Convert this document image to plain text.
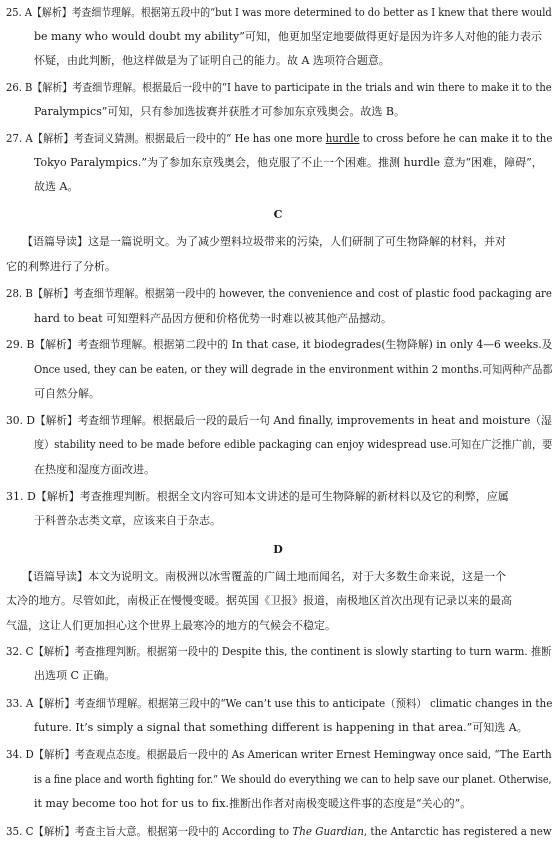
25. A【解析】考查细节理解。根据第五段中的“but I was more determined to do better as I knew that there would
be many who would doubt my ability”可知，他更加坚定地要做得更好是因为许多人对他的能力表示
怀疑，由此判断，他这样做是为了证明自己的能力。故 A 选项符合题意。
26. B【解析】考查细节理解。根据最后一段中的“I have to participate in the trials and win there to make it to the
Paralympics”可知，只有参加选拔赛并获胜才可参加东京残奥会。故选 B。
27. A【解析】考查词义猜测。根据最后一段中的“ He has one more hurdle to cross before he can make it to the
Tokyo Paralympics.”为了参加东京残奥会，他克服了不止一个困难。推测 hurdle 意为“困难，障碍”，
故选 A。
C
【语篇导读】这是一篇说明文。为了减少塑料垃圾带来的污染，人们研制了可生物降解的材料，并对
它的利弊进行了分析。
28. B【解析】考查细节理解。根据第一段中的 however, the convenience and cost of plastic food packaging are
hard to beat 可知塑料产品因方便和价格优势一时难以被其他产品撼动。
29. B【解析】考查细节理解。根据第二段中的 In that case, it biodegrades(生物降解) in only 4—6 weeks.及
Once used, they can be eaten, or they will degrade in the environment within 2 months.可知两种产品都
可自然分解。
30. D【解析】考查细节理解。根据最后一段的最后一句 And finally, improvements in heat and moisture（湿
度）stability need to be made before edible packaging can enjoy widespread use.可知在广泛推广前，要
在热度和湿度方面改进。
31. D【解析】考查推理判断。根据全文内容可知本文讲述的是可生物降解的新材料以及它的利弊，应属
于科普杂志类文章，应该来自于杂志。
D
【语篇导读】本文为说明文。南极洲以冰雪覆盖的广阔土地而闻名，对于大多数生命来说，这是一个
太冷的地方。尽管如此，南极正在慢慢变暖。据英国《卫报》报道，南极地区首次出现有记录以来的最高
气温，这让人们更加担心这个世界上最寒冷的地方的气候会不稳定。
32. C【解析】考查推理判断。根据第一段中的 Despite this, the continent is slowly starting to turn warm. 推断
出选项 C 正确。
33. A【解析】考查细节理解。根据第三段中的“We can’t use this to anticipate（预料） climatic changes in the
future. It’s simply a signal that something different is happening in that area.”可知选 A。
34. D【解析】考查观点态度。根据最后一段中的 As American writer Ernest Hemingway once said, “The Earth
is a fine place and worth fighting for.” We should do everything we can to help save our planet. Otherwise,
it may become too hot for us to fix.推断出作者对南极变暖这件事的态度是“关心的”。
35. C【解析】考查主旨大意。根据第一段中的 According to The Guardian, the Antarctic has registered a new
